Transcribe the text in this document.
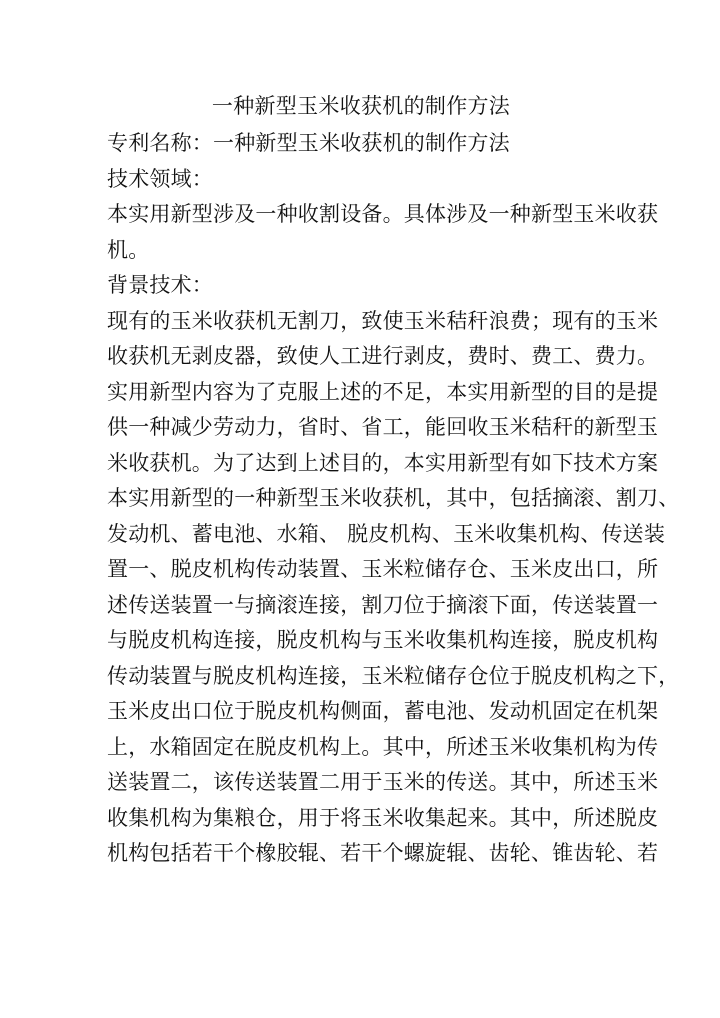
一种新型玉米收获机的制作方法
专利名称：一种新型玉米收获机的制作方法
技术领域：
本实用新型涉及一种收割设备。具体涉及一种新型玉米收获
机。
背景技术：
现有的玉米收获机无割刀，致使玉米秸秆浪费；现有的玉米
收获机无剥皮器，致使人工进行剥皮，费时、费工、费力。
实用新型内容为了克服上述的不足，本实用新型的目的是提
供一种减少劳动力，省时、省工，能回收玉米秸秆的新型玉
米收获机。为了达到上述目的，本实用新型有如下技术方案
本实用新型的一种新型玉米收获机，其中，包括摘滚、割刀、
发动机、蓄电池、水箱、 脱皮机构、玉米收集机构、传送装
置一、脱皮机构传动装置、玉米粒储存仓、玉米皮出口，所
述传送装置一与摘滚连接，割刀位于摘滚下面，传送装置一
与脱皮机构连接，脱皮机构与玉米收集机构连接，脱皮机构
传动装置与脱皮机构连接，玉米粒储存仓位于脱皮机构之下，
玉米皮出口位于脱皮机构侧面，蓄电池、发动机固定在机架
上，水箱固定在脱皮机构上。其中，所述玉米收集机构为传
送装置二，该传送装置二用于玉米的传送。其中，所述玉米
收集机构为集粮仓，用于将玉米收集起来。其中，所述脱皮
机构包括若干个橡胶辊、若干个螺旋辊、齿轮、锥齿轮、若
